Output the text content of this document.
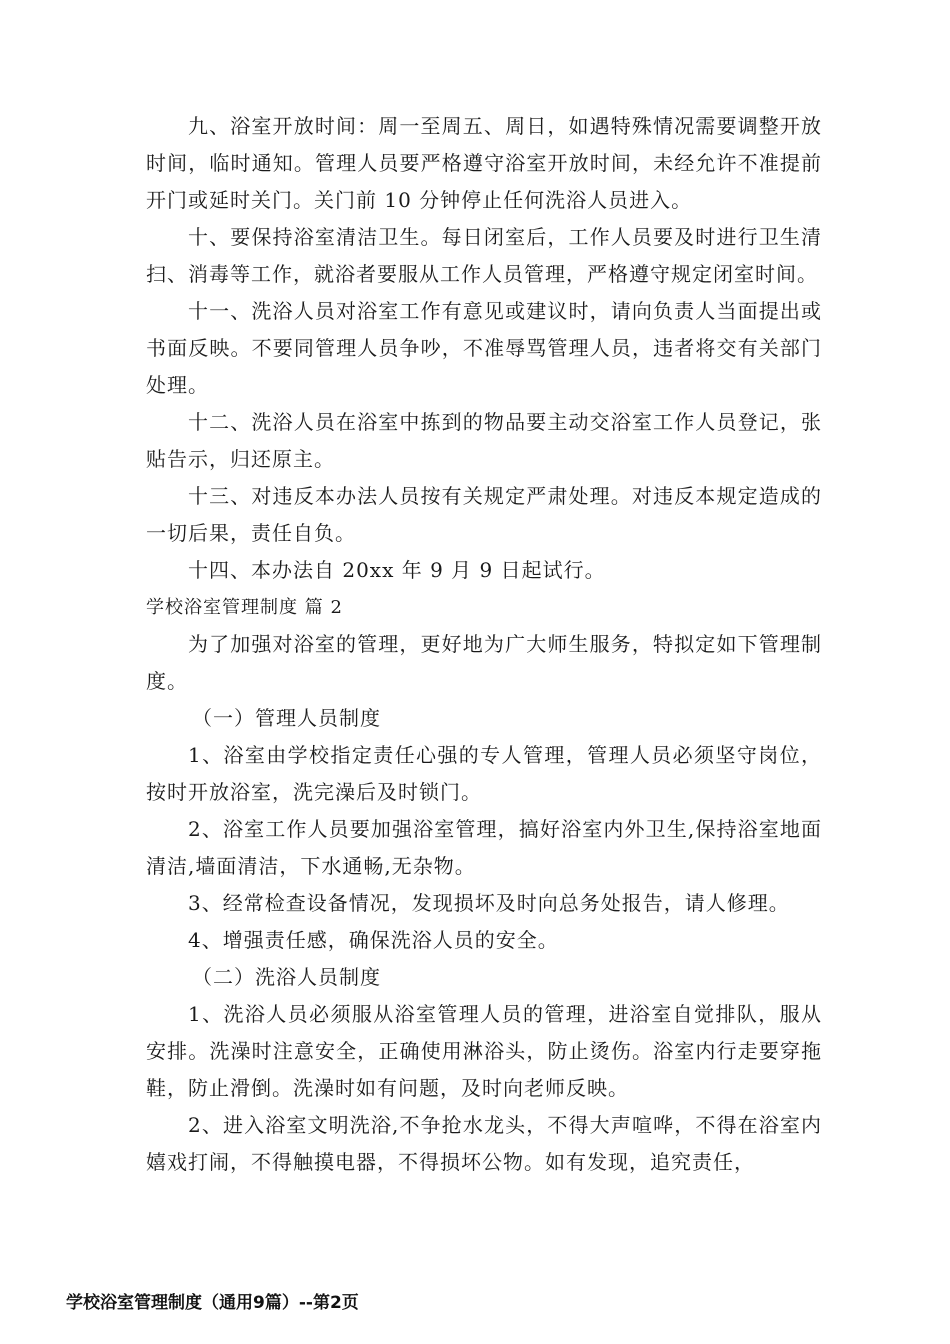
九、浴室开放时间：周一至周五、周日，如遇特殊情况需要调整开放时间，临时通知。管理人员要严格遵守浴室开放时间，未经允许不准提前开门或延时关门。关门前 10 分钟停止任何洗浴人员进入。

十、要保持浴室清洁卫生。每日闭室后，工作人员要及时进行卫生清扫、消毒等工作，就浴者要服从工作人员管理，严格遵守规定闭室时间。

十一、洗浴人员对浴室工作有意见或建议时，请向负责人当面提出或书面反映。不要同管理人员争吵，不准辱骂管理人员，违者将交有关部门处理。

十二、洗浴人员在浴室中拣到的物品要主动交浴室工作人员登记，张贴告示，归还原主。

十三、对违反本办法人员按有关规定严肃处理。对违反本规定造成的一切后果，责任自负。

十四、本办法自 20xx 年 9 月 9 日起试行。

学校浴室管理制度 篇 2

为了加强对浴室的管理，更好地为广大师生服务，特拟定如下管理制度。

（一）管理人员制度

1、浴室由学校指定责任心强的专人管理，管理人员必须坚守岗位，按时开放浴室，洗完澡后及时锁门。

2、浴室工作人员要加强浴室管理，搞好浴室内外卫生,保持浴室地面清洁,墙面清洁，下水通畅,无杂物。

3、经常检查设备情况，发现损坏及时向总务处报告，请人修理。

4、增强责任感，确保洗浴人员的安全。

（二）洗浴人员制度

1、洗浴人员必须服从浴室管理人员的管理，进浴室自觉排队，服从安排。洗澡时注意安全，正确使用淋浴头，防止烫伤。浴室内行走要穿拖鞋，防止滑倒。洗澡时如有问题，及时向老师反映。

2、进入浴室文明洗浴,不争抢水龙头，不得大声喧哗，不得在浴室内嬉戏打闹，不得触摸电器，不得损坏公物。如有发现，追究责任，

学校浴室管理制度（通用9篇）--第2页
